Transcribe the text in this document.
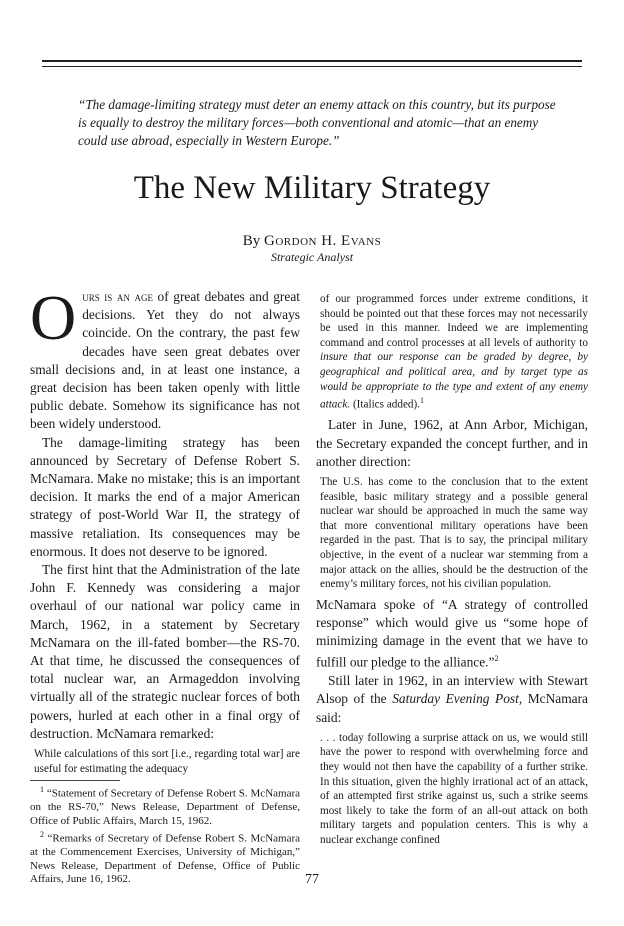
“The damage-limiting strategy must deter an enemy attack on this country, but its purpose is equally to destroy the military forces—both conventional and atomic—that an enemy could use abroad, especially in Western Europe.”

The New Military Strategy
By Gordon H. Evans
Strategic Analyst

Ours is an age of great debates and great decisions. Yet they do not always coincide. On the contrary, the past few decades have seen great debates over small decisions and, in at least one instance, a great decision has been taken openly with little public debate. Somehow its significance has not been widely understood.

The damage-limiting strategy has been announced by Secretary of Defense Robert S. McNamara. Make no mistake; this is an important decision. It marks the end of a major American strategy of post-World War II, the strategy of massive retaliation. Its consequences may be enormous. It does not deserve to be ignored.

The first hint that the Administration of the late John F. Kennedy was considering a major overhaul of our national war policy came in March, 1962, in a statement by Secretary McNamara on the ill-fated bomber—the RS-70. At that time, he discussed the consequences of total nuclear war, an Armageddon involving virtually all of the strategic nuclear forces of both powers, hurled at each other in a final orgy of destruction. McNamara remarked:

While calculations of this sort [i.e., regarding total war] are useful for estimating the adequacy

$^1$ “Statement of Secretary of Defense Robert S. McNamara on the RS-70,” News Release, Department of Defense, Office of Public Affairs, March 15, 1962.

$^2$ “Remarks of Secretary of Defense Robert S. McNamara at the Commencement Exercises, University of Michigan,” News Release, Department of Defense, Office of Public Affairs, June 16, 1962.

of our programmed forces under extreme conditions, it should be pointed out that these forces may not necessarily be used in this manner. Indeed we are implementing command and control processes at all levels of authority to insure that our response can be graded by degree, by geographical and political area, and by target type as would be appropriate to the type and extent of any enemy attack. (Italics added).$^1$

Later in June, 1962, at Ann Arbor, Michigan, the Secretary expanded the concept further, and in another direction:

The U.S. has come to the conclusion that to the extent feasible, basic military strategy and a possible general nuclear war should be approached in much the same way that more conventional military operations have been regarded in the past. That is to say, the principal military objective, in the event of a nuclear war stemming from a major attack on the allies, should be the destruction of the enemy’s military forces, not his civilian population.

McNamara spoke of “A strategy of controlled response” which would give us “some hope of minimizing damage in the event that we have to fulfill our pledge to the alliance.”$^2$

Still later in 1962, in an interview with Stewart Alsop of the Saturday Evening Post, McNamara said:

. . . today following a surprise attack on us, we would still have the power to respond with overwhelming force and they would not then have the capability of a further strike. In this situation, given the highly irrational act of an attack, of an attempted first strike against us, such a strike seems most likely to take the form of an all-out attack on both military targets and population centers. This is why a nuclear exchange confined

77
